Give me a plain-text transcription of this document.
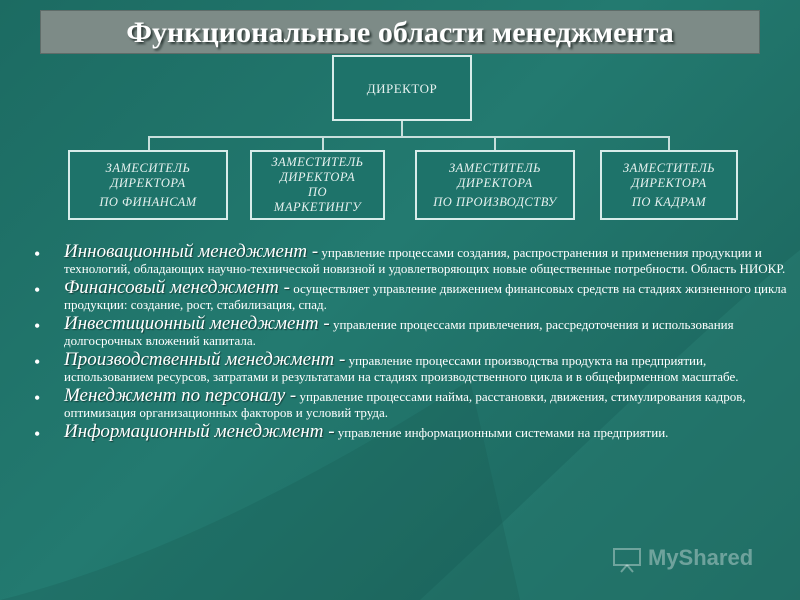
Функциональные области менеджмента
ДИРЕКТОР
ЗАМЕСИТЕЛЬ
ДИРЕКТОРА
ПО ФИНАНСАМ
ЗАМЕСТИТЕЛЬ
ДИРЕКТОРА
ПО
МАРКЕТИНГУ
ЗАМЕСТИТЕЛЬ
ДИРЕКТОРА
ПО ПРОИЗВОДСТВУ
ЗАМЕСТИТЕЛЬ
ДИРЕКТОРА
ПО КАДРАМ
• Инновационный менеджмент - управление процессами создания, распространения и применения продукции и технологий, обладающих научно-технической новизной и удовлетворяющих новые общественные потребности. Область НИОКР.
• Финансовый менеджмент - осуществляет управление движением финансовых средств на стадиях жизненного цикла продукции: созданиe, рост, стабилизация, спад.
• Инвестиционный менеджмент - управление процессами привлечения, рассредоточения и использования долгосрочных вложений капитала.
• Производственный менеджмент - управление процессами производства продукта на предприятии, использованием ресурсов, затратами и результатами на стадиях производственного цикла и в общефирменном масштабе.
• Менеджмент по персоналу - управление процессами найма, расстановки, движения, стимулирования кадров, оптимизация организационных факторов и условий труда.
• Информационный менеджмент - управление информационными системами на предприятии.
MyShared
